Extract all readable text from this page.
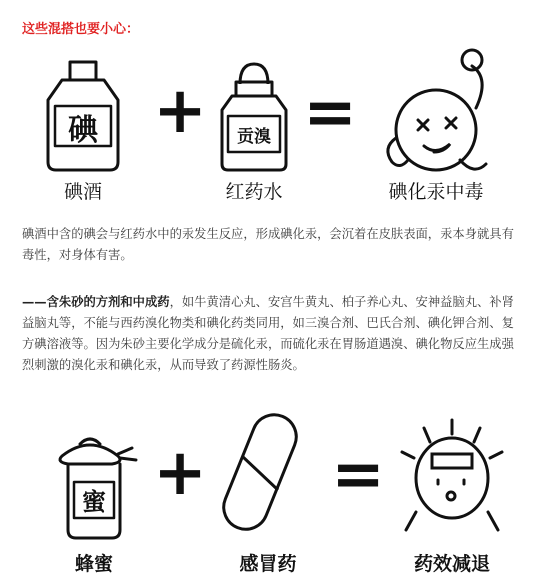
这些混搭也要小心：
碘 + 贡溴 =
碘酒	红药水	碘化汞中毒

碘酒中含的碘会与红药水中的汞发生反应，形成碘化汞，会沉着在皮肤表面，汞本身就具有毒性，对身体有害。

——含朱砂的方剂和中成药，如牛黄清心丸、安宫牛黄丸、柏子养心丸、安神益脑丸、补肾益脑丸等，不能与西药溴化物类和碘化药类同用，如三溴合剂、巴氏合剂、碘化钾合剂、复方碘溶液等。因为朱砂主要化学成分是硫化汞，而硫化汞在胃肠道遇溴、碘化物反应生成强烈刺激的溴化汞和碘化汞，从而导致了药源性肠炎。

蜜 + =
蜂蜜	感冒药	药效减退
